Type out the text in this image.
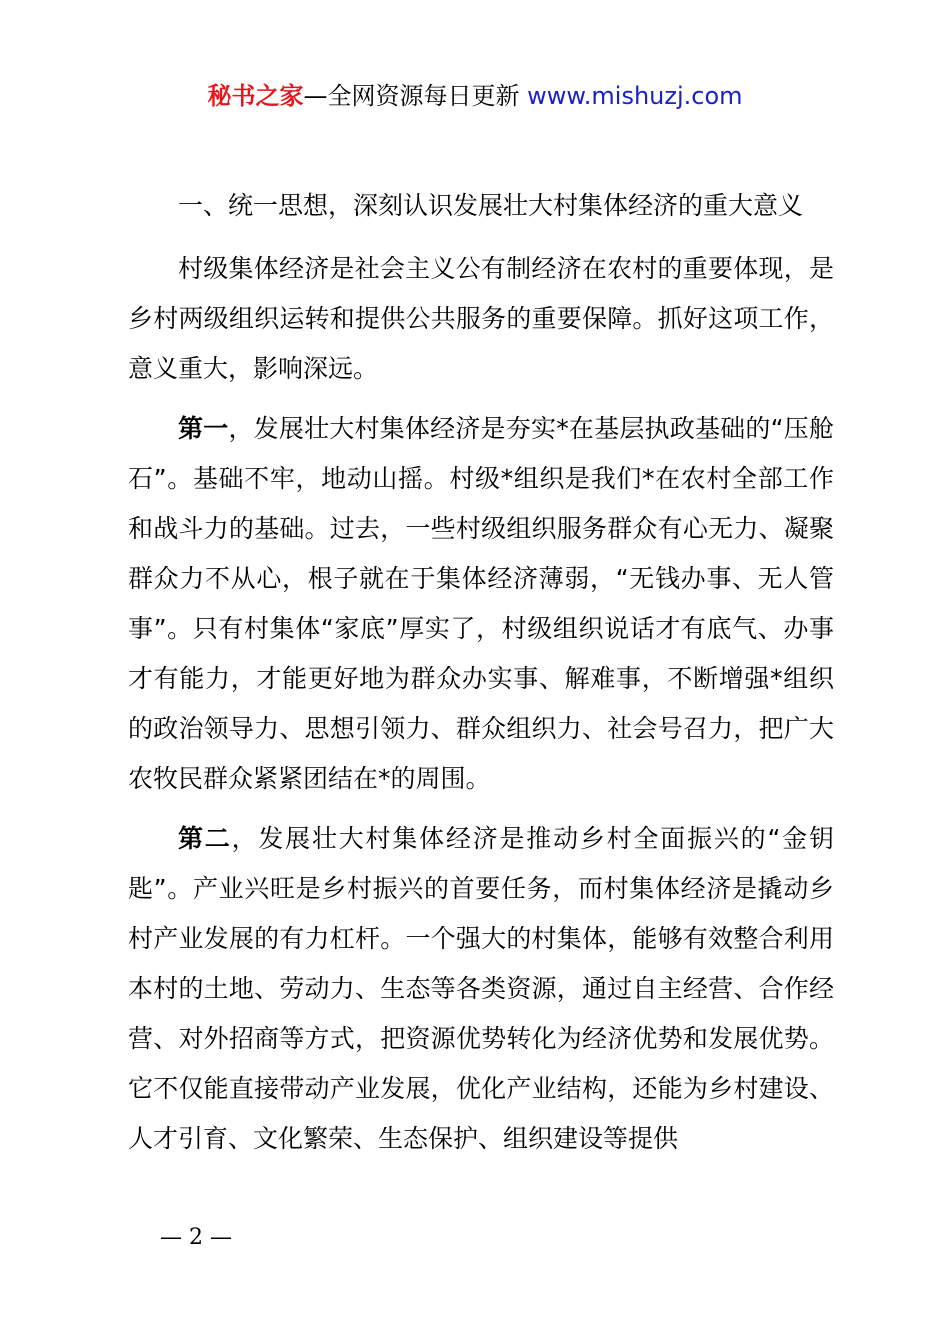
秘书之家—全网资源每日更新 www.mishuzj.com
一、统一思想，深刻认识发展壮大村集体经济的重大意义

村级集体经济是社会主义公有制经济在农村的重要体现，是乡村两级组织运转和提供公共服务的重要保障。抓好这项工作，意义重大，影响深远。

第一，发展壮大村集体经济是夯实*在基层执政基础的“压舱石”。基础不牢，地动山摇。村级*组织是我们*在农村全部工作和战斗力的基础。过去，一些村级组织服务群众有心无力、凝聚群众力不从心，根子就在于集体经济薄弱，“无钱办事、无人管事”。只有村集体“家底”厚实了，村级组织说话才有底气、办事才有能力，才能更好地为群众办实事、解难事，不断增强*组织的政治领导力、思想引领力、群众组织力、社会号召力，把广大农牧民群众紧紧团结在*的周围。

第二，发展壮大村集体经济是推动乡村全面振兴的“金钥匙”。产业兴旺是乡村振兴的首要任务，而村集体经济是撬动乡村产业发展的有力杠杆。一个强大的村集体，能够有效整合利用本村的土地、劳动力、生态等各类资源，通过自主经营、合作经营、对外招商等方式，把资源优势转化为经济优势和发展优势。它不仅能直接带动产业发展，优化产业结构，还能为乡村建设、人才引育、文化繁荣、生态保护、组织建设等提供

— 2 —
